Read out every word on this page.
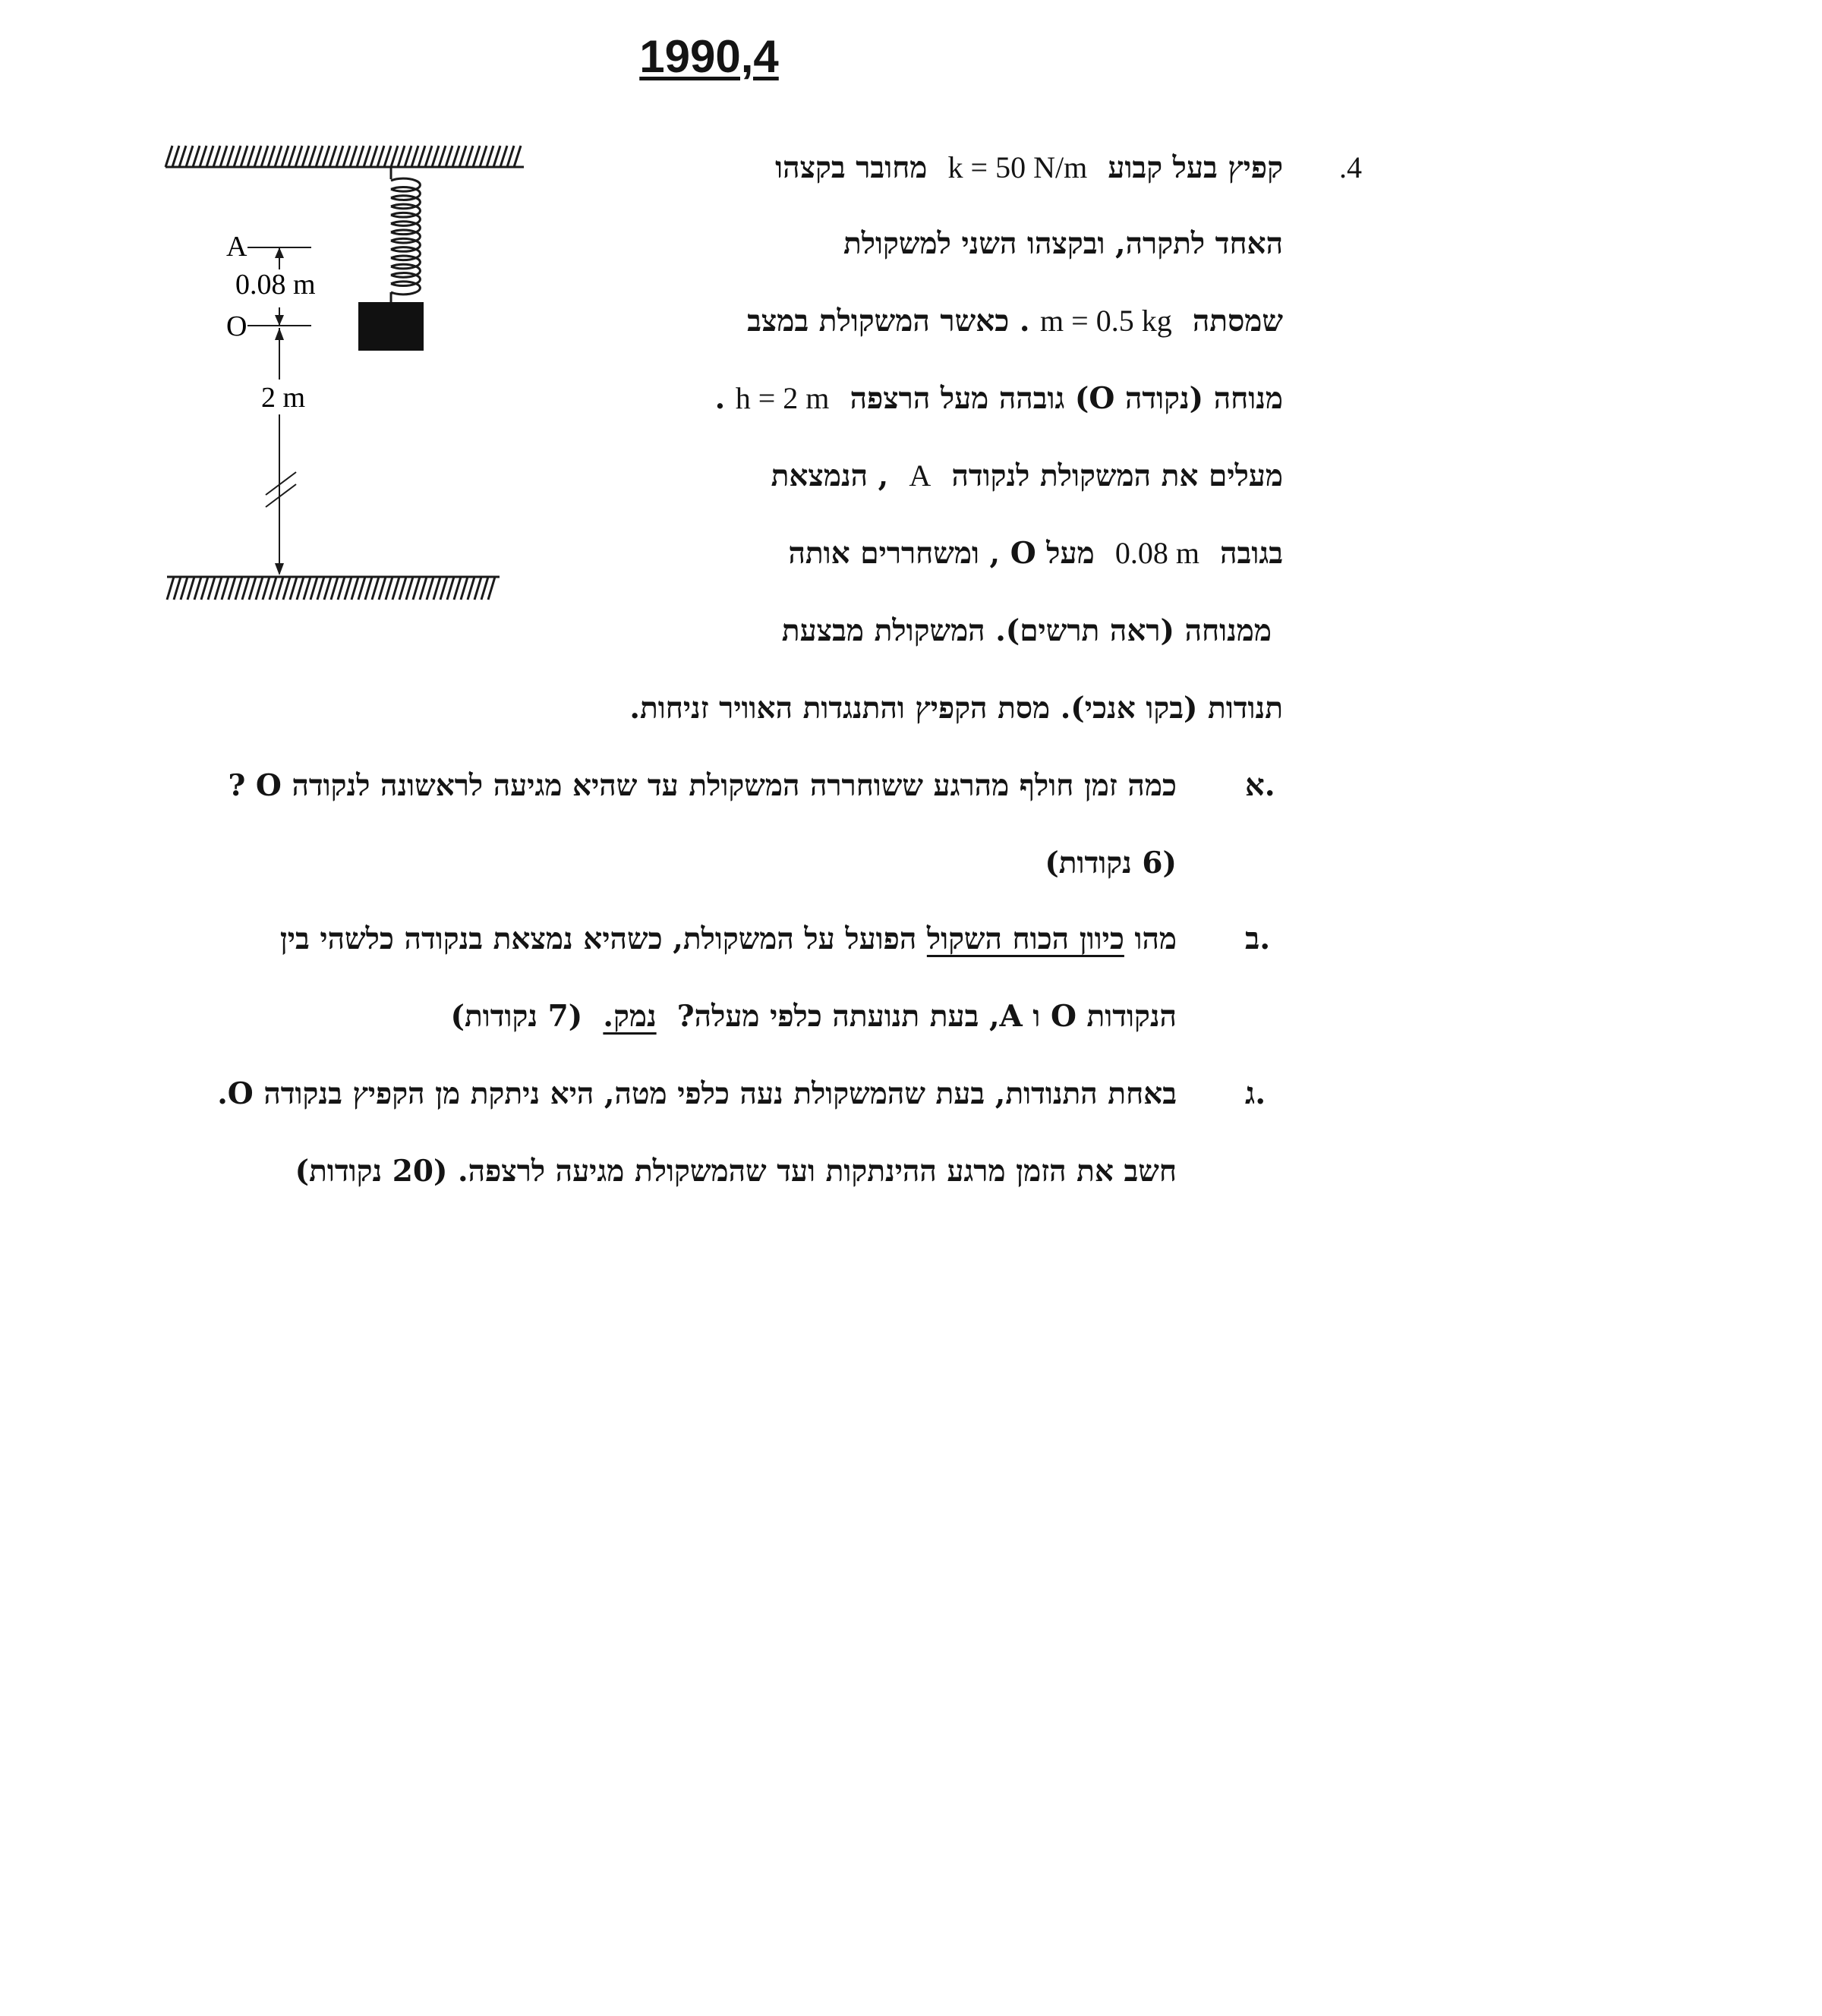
1990,4
A
0.08 m
O
2 m
.4
קפיץ בעל קבוע  k = 50 N/m  מחובר בקצהו
האחד לתקרה, ובקצהו השני למשקולת
שמסתה  m = 0.5 kg . כאשר המשקולת במצב
מנוחה (נקודה O) גובהה מעל הרצפה  h = 2 m .
מעלים את המשקולת לנקודה  A  , הנמצאת
בגובה  0.08 m  מעל O , ומשחררים אותה
ממנוחה (ראה תרשים). המשקולת מבצעת
תנודות (בקו אנכי). מסת הקפיץ והתנגדות האוויר זניחות.
א.
ב.
ג.
כמה זמן חולף מהרגע ששוחררה המשקולת עד שהיא מגיעה לראשונה לנקודה O ?
(6 נקודות)
מהו כיוון הכוח השקול הפועל על המשקולת, כשהיא נמצאת בנקודה כלשהי בין
הנקודות O ו A, בעת תנועתה כלפי מעלה?  נמק.  (7 נקודות)
באחת התנודות, בעת שהמשקולת נעה כלפי מטה, היא ניתקת מן הקפיץ בנקודה O.
חשב את הזמן מרגע ההינתקות ועד שהמשקולת מגיעה לרצפה. (20 נקודות)
